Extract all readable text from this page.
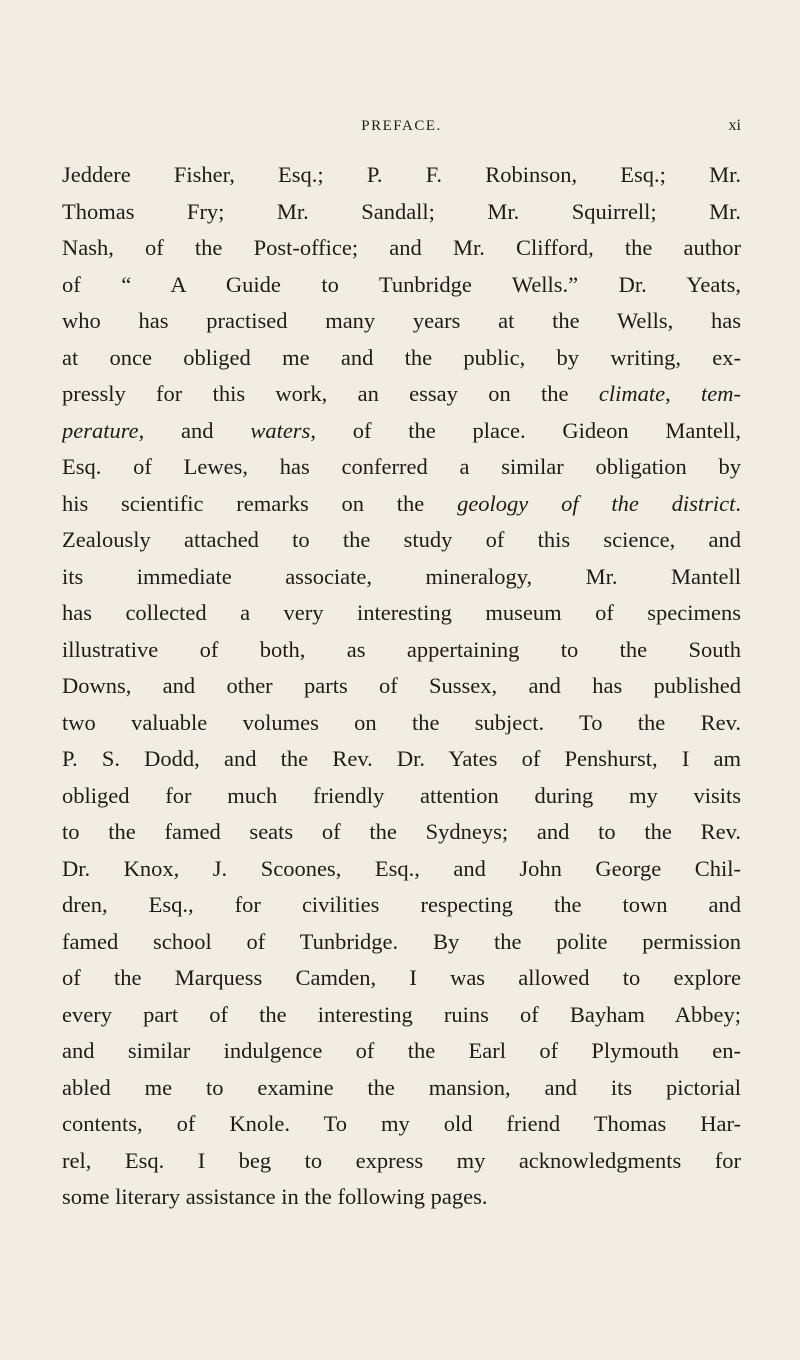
PREFACE.	xi
Jeddere Fisher, Esq.; P. F. Robinson, Esq.; Mr.
Thomas Fry; Mr. Sandall; Mr. Squirrell; Mr.
Nash, of the Post-office; and Mr. Clifford, the author
of “ A Guide to Tunbridge Wells.” Dr. Yeats,
who has practised many years at the Wells, has
at once obliged me and the public, by writing, ex-
pressly for this work, an essay on the climate, tem-
perature, and waters, of the place. Gideon Mantell,
Esq. of Lewes, has conferred a similar obligation by
his scientific remarks on the geology of the district.
Zealously attached to the study of this science, and
its immediate associate, mineralogy, Mr. Mantell
has collected a very interesting museum of specimens
illustrative of both, as appertaining to the South
Downs, and other parts of Sussex, and has published
two valuable volumes on the subject. To the Rev.
P. S. Dodd, and the Rev. Dr. Yates of Penshurst, I am
obliged for much friendly attention during my visits
to the famed seats of the Sydneys; and to the Rev.
Dr. Knox, J. Scoones, Esq., and John George Chil-
dren, Esq., for civilities respecting the town and
famed school of Tunbridge. By the polite permission
of the Marquess Camden, I was allowed to explore
every part of the interesting ruins of Bayham Abbey;
and similar indulgence of the Earl of Plymouth en-
abled me to examine the mansion, and its pictorial
contents, of Knole. To my old friend Thomas Har-
rel, Esq. I beg to express my acknowledgments for
some literary assistance in the following pages.
